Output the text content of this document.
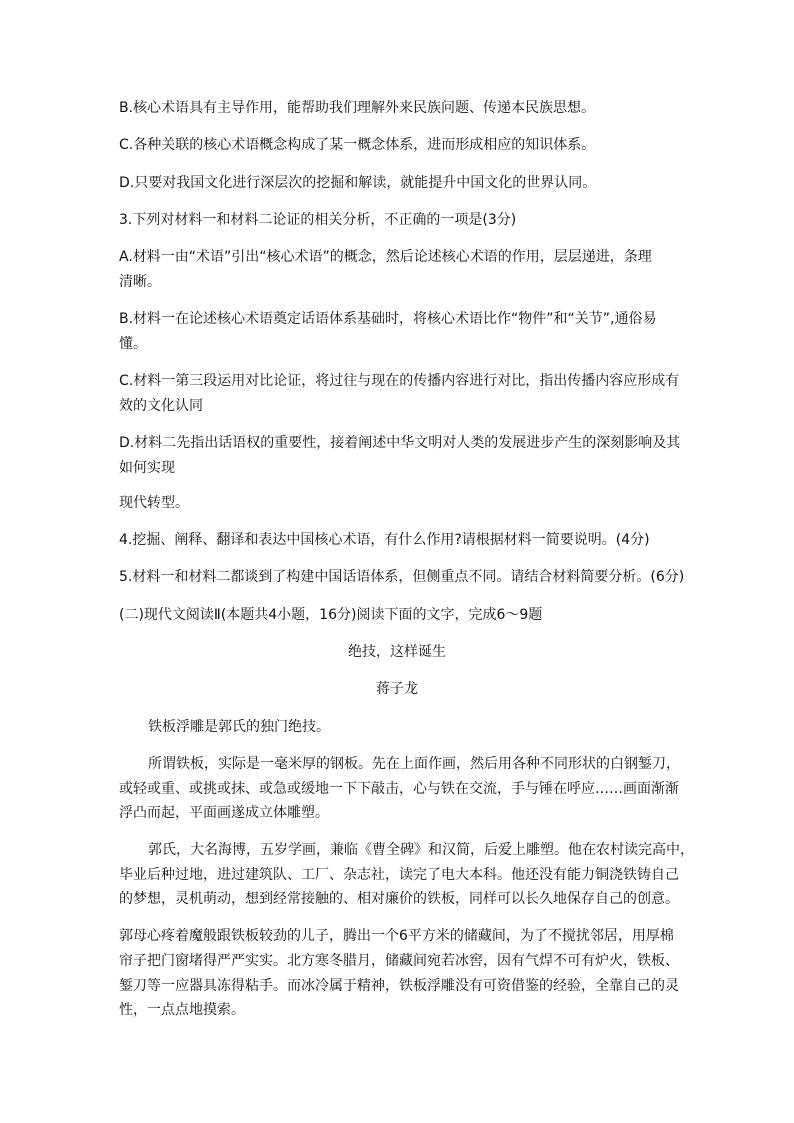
B.核心术语具有主导作用，能帮助我们理解外来民族问题、传递本民族思想。
C.各种关联的核心术语概念构成了某一概念体系，进而形成相应的知识体系。
D.只要对我国文化进行深层次的挖掘和解读，就能提升中国文化的世界认同。
3.下列对材料一和材料二论证的相关分析，不正确的一项是(3分)
A.材料一由“术语”引出“核心术语”的概念，然后论述核心术语的作用，层层递进，条理
清晰。
B.材料一在论述核心术语奠定话语体系基础时，将核心术语比作“物件”和“关节”,通俗易
懂。
C.材料一第三段运用对比论证，将过往与现在的传播内容进行对比，指出传播内容应形成有
效的文化认同
D.材料二先指出话语权的重要性，接着阐述中华文明对人类的发展进步产生的深刻影响及其
如何实现
现代转型。
4.挖掘、阐释、翻译和表达中国核心术语，有什么作用?请根据材料一简要说明。(4分)
5.材料一和材料二都谈到了构建中国话语体系，但侧重点不同。请结合材料简要分析。(6分)
(二)现代文阅读Ⅱ(本题共4小题，16分)阅读下面的文字，完成6～9题
绝技，这样诞生
蒋子龙
铁板浮雕是郭氏的独门绝技。
所谓铁板，实际是一毫米厚的钢板。先在上面作画，然后用各种不同形状的白钢錾刀，
或轻或重、或挑或抹、或急或缓地一下下敲击，心与铁在交流，手与锤在呼应……画面渐渐
浮凸而起，平面画遂成立体雕塑。
郭氏，大名海博，五岁学画，兼临《曹全碑》和汉简，后爱上雕塑。他在农村读完高中，
毕业后种过地，进过建筑队、工厂、杂志社，读完了电大本科。他还没有能力铜浇铁铸自己
的梦想，灵机萌动，想到经常接触的、相对廉价的铁板，同样可以长久地保存自己的创意。
郭母心疼着魔般跟铁板较劲的儿子，腾出一个6平方米的储藏间，为了不搅扰邻居，用厚棉
帘子把门窗堵得严严实实。北方寒冬腊月，储藏间宛若冰窖，因有气焊不可有炉火，铁板、
錾刀等一应器具冻得粘手。而冰冷属于精神，铁板浮雕没有可资借鉴的经验，全靠自己的灵
性，一点点地摸索。
